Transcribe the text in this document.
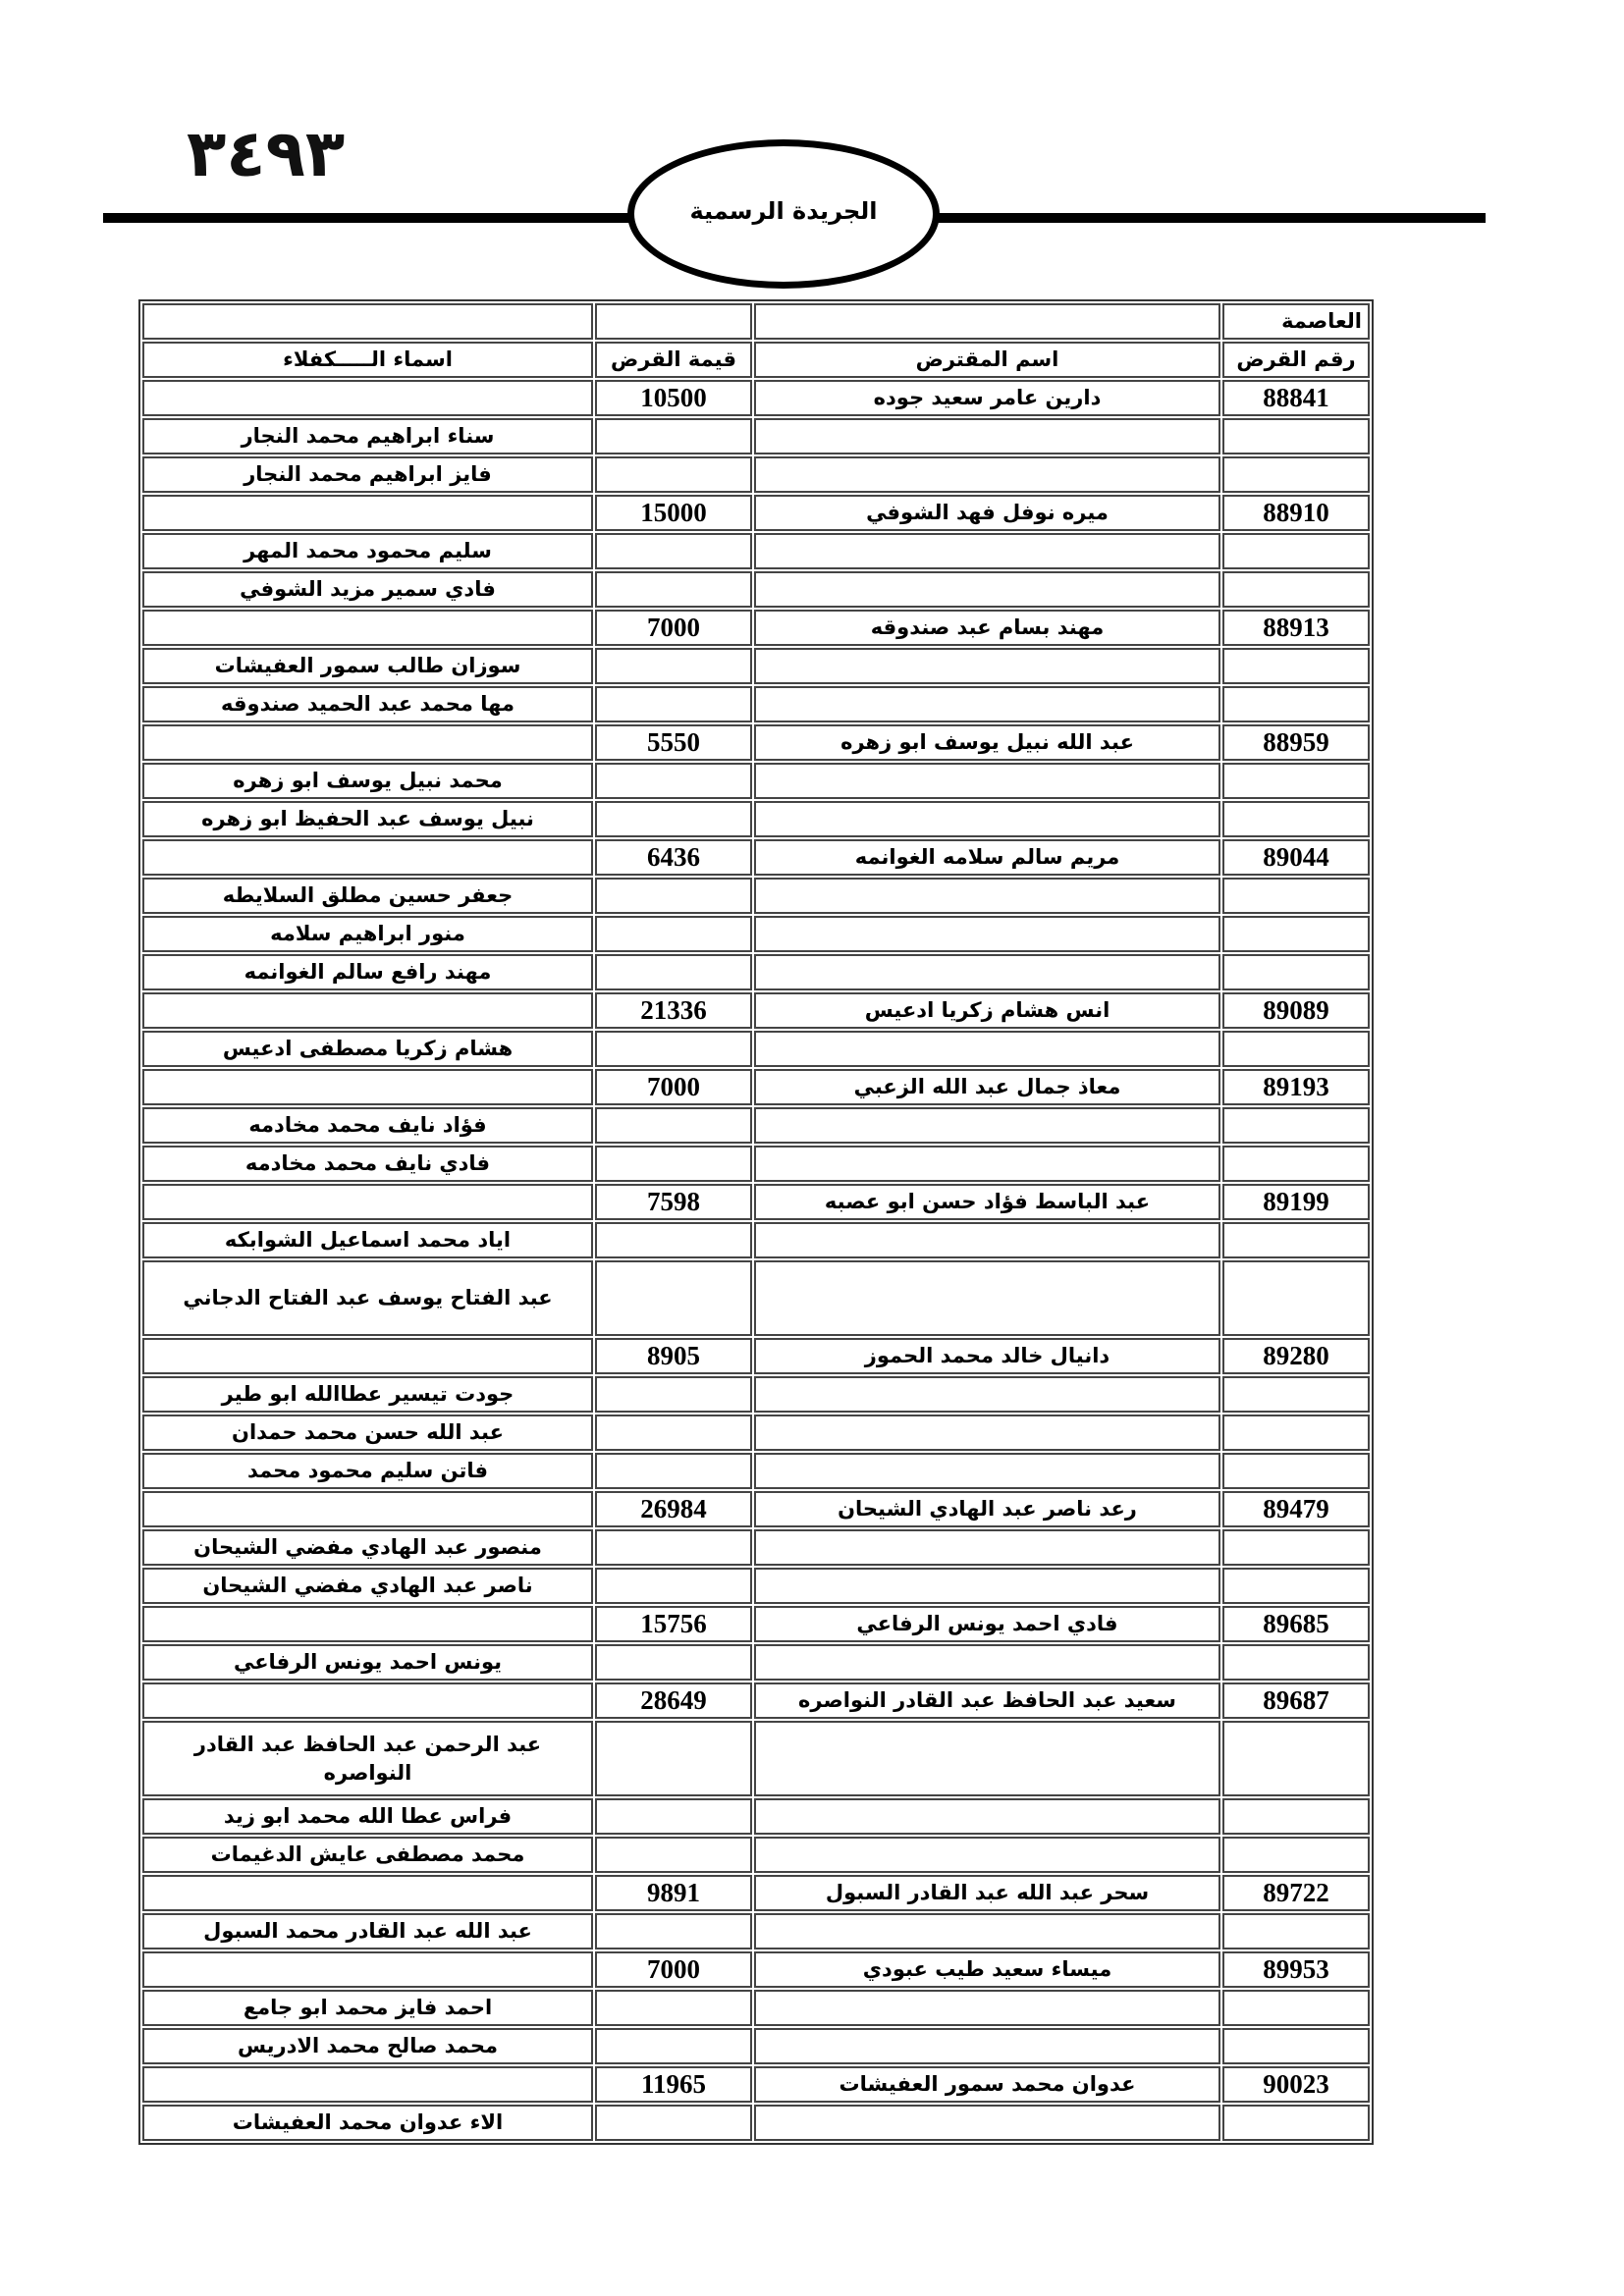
٣٤٩٣
الجريدة الرسمية
العاصمة			
رقم القرض	اسم المقترض	قيمة القرض	اسماء الـــــكفلاء
88841	دارين عامر سعيد جوده	10500	
			سناء ابراهيم محمد النجار
			فايز ابراهيم محمد النجار
88910	ميره نوفل فهد الشوفي	15000	
			سليم محمود محمد المهر
			فادي سمير مزيد الشوفي
88913	مهند بسام عبد صندوقه	7000	
			سوزان طالب سمور العفيشات
			مها محمد عبد الحميد صندوقه
88959	عبد الله نبيل يوسف ابو زهره	5550	
			محمد نبيل يوسف ابو زهره
			نبيل يوسف عبد الحفيظ ابو زهره
89044	مريم سالم سلامه الغوانمه	6436	
			جعفر حسين مطلق السلايطه
			منور ابراهيم سلامه
			مهند رافع سالم الغوانمه
89089	انس هشام زكريا ادعيس	21336	
			هشام زكريا مصطفى ادعيس
89193	معاذ جمال عبد الله الزعبي	7000	
			فؤاد نايف محمد مخادمه
			فادي نايف محمد مخادمه
89199	عبد الباسط فؤاد حسن ابو عصبه	7598	
			اياد محمد اسماعيل الشوابكه
			عبد الفتاح يوسف عبد الفتاح الدجاني
89280	دانيال خالد محمد الحموز	8905	
			جودت تيسير عطاالله ابو طير
			عبد الله حسن محمد حمدان
			فاتن سليم محمود محمد
89479	رعد ناصر عبد الهادي الشيحان	26984	
			منصور عبد الهادي مفضي الشيحان
			ناصر عبد الهادي مفضي الشيحان
89685	فادي احمد يونس الرفاعي	15756	
			يونس احمد يونس الرفاعي
89687	سعيد عبد الحافظ عبد القادر النواصره	28649	
			عبد الرحمن عبد الحافظ عبد القادر النواصره
			فراس عطا الله محمد ابو زيد
			محمد مصطفى عايش الدغيمات
89722	سحر عبد الله عبد القادر السبول	9891	
			عبد الله عبد القادر محمد السبول
89953	ميساء سعيد طيب عبودي	7000	
			احمد فايز محمد ابو جامع
			محمد صالح محمد الادريس
90023	عدوان محمد سمور العفيشات	11965	
			الاء عدوان محمد العفيشات
